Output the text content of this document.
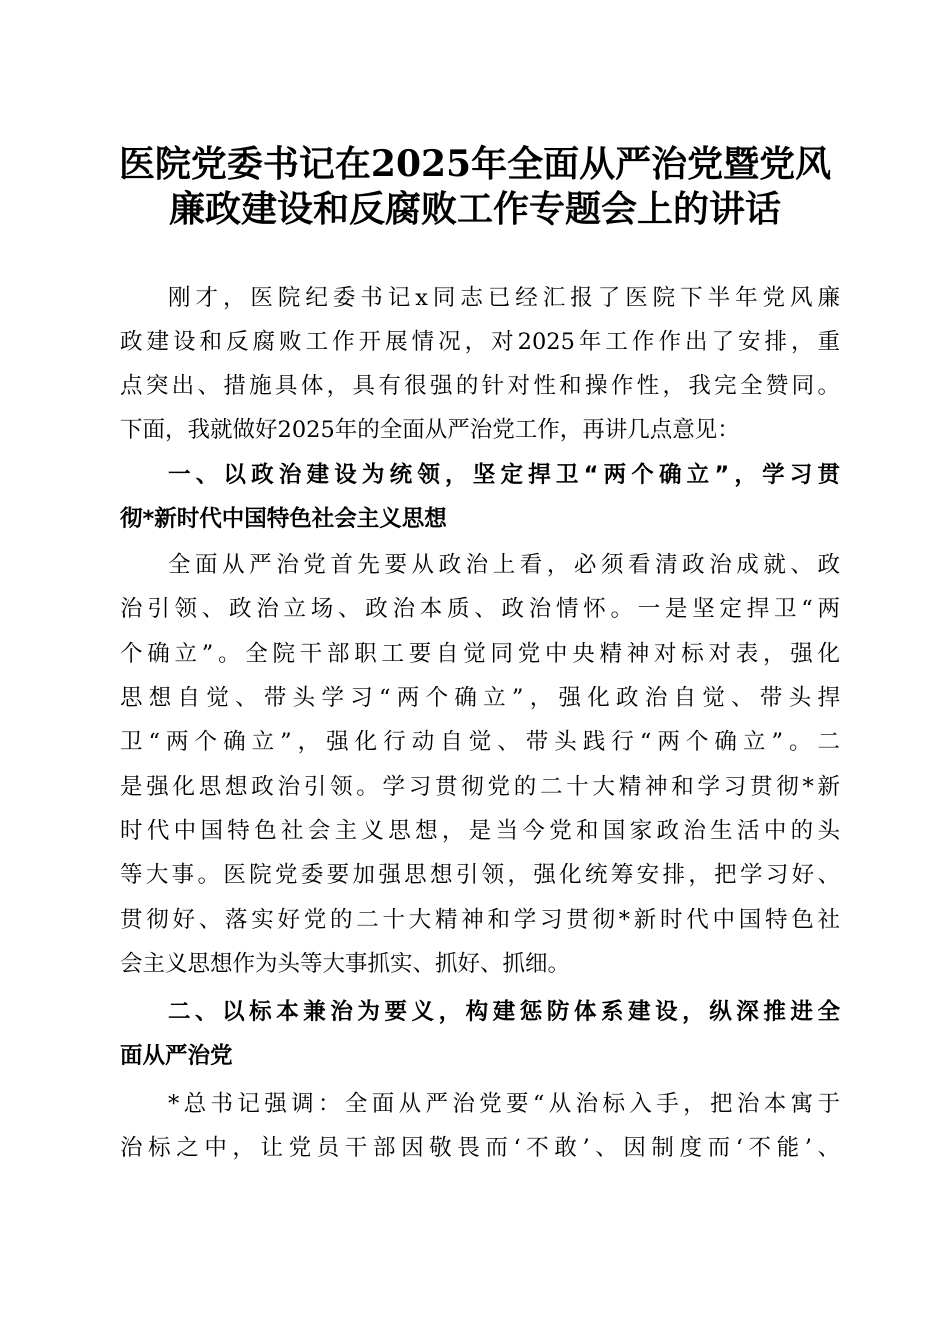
医院党委书记在2025年全面从严治党暨党风
廉政建设和反腐败工作专题会上的讲话
刚才，医院纪委书记x同志已经汇报了医院下半年党风廉
政建设和反腐败工作开展情况，对2025年工作作出了安排，重
点突出、措施具体，具有很强的针对性和操作性，我完全赞同。
下面，我就做好2025年的全面从严治党工作，再讲几点意见：
一、以政治建设为统领，坚定捍卫“两个确立”，学习贯
彻*新时代中国特色社会主义思想
全面从严治党首先要从政治上看，必须看清政治成就、政
治引领、政治立场、政治本质、政治情怀。一是坚定捍卫“两
个确立”。全院干部职工要自觉同党中央精神对标对表，强化
思想自觉、带头学习“两个确立”，强化政治自觉、带头捍
卫“两个确立”，强化行动自觉、带头践行“两个确立”。二
是强化思想政治引领。学习贯彻党的二十大精神和学习贯彻*新
时代中国特色社会主义思想，是当今党和国家政治生活中的头
等大事。医院党委要加强思想引领，强化统筹安排，把学习好、
贯彻好、落实好党的二十大精神和学习贯彻*新时代中国特色社
会主义思想作为头等大事抓实、抓好、抓细。
二、以标本兼治为要义，构建惩防体系建设，纵深推进全
面从严治党
*总书记强调：全面从严治党要“从治标入手，把治本寓于
治标之中，让党员干部因敬畏而‘不敢’、因制度而‘不能’、
